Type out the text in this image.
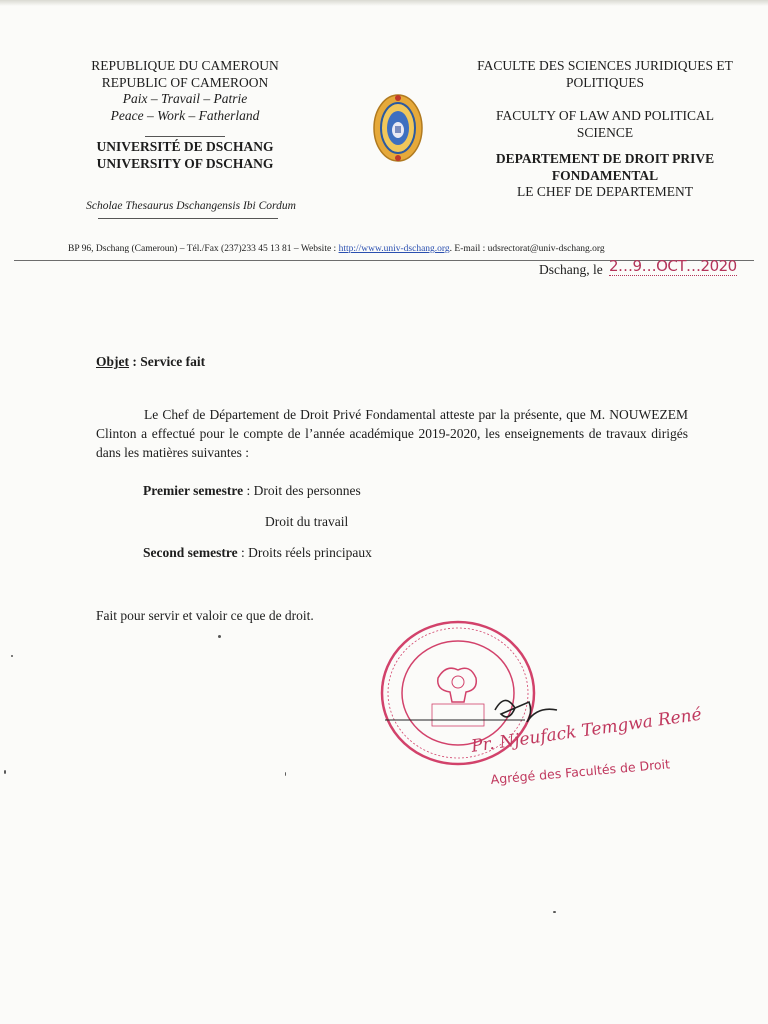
REPUBLIQUE DU CAMEROUN
REPUBLIC OF CAMEROON
Paix – Travail – Patrie
Peace – Work – Fatherland
UNIVERSITÉ DE DSCHANG
UNIVERSITY OF DSCHANG
Scholae Thesaurus Dschangensis Ibi Cordum
FACULTE DES SCIENCES JURIDIQUES ET
POLITIQUES
FACULTY OF LAW AND POLITICAL
SCIENCE
DEPARTEMENT DE DROIT PRIVE
FONDAMENTAL
LE CHEF DE DEPARTEMENT
BP 96, Dschang (Cameroun) – Tél./Fax (237)233 45 13 81 – Website : http://www.univ-dschang.org. E-mail : udsrectorat@univ-dschang.org
Dschang, le 2…9…OCT…2020
Objet : Service fait
Le Chef de Département de Droit Privé Fondamental atteste par la présente, que M. NOUWEZEM Clinton a effectué pour le compte de l’année académique 2019-2020, les enseignements de travaux dirigés dans les matières suivantes :
Premier semestre : Droit des personnes
Droit du travail
Second semestre : Droits réels principaux
Fait pour servir et valoir ce que de droit.
Pr. Njeufack Temgwa René
Agrégé des Facultés de Droit
